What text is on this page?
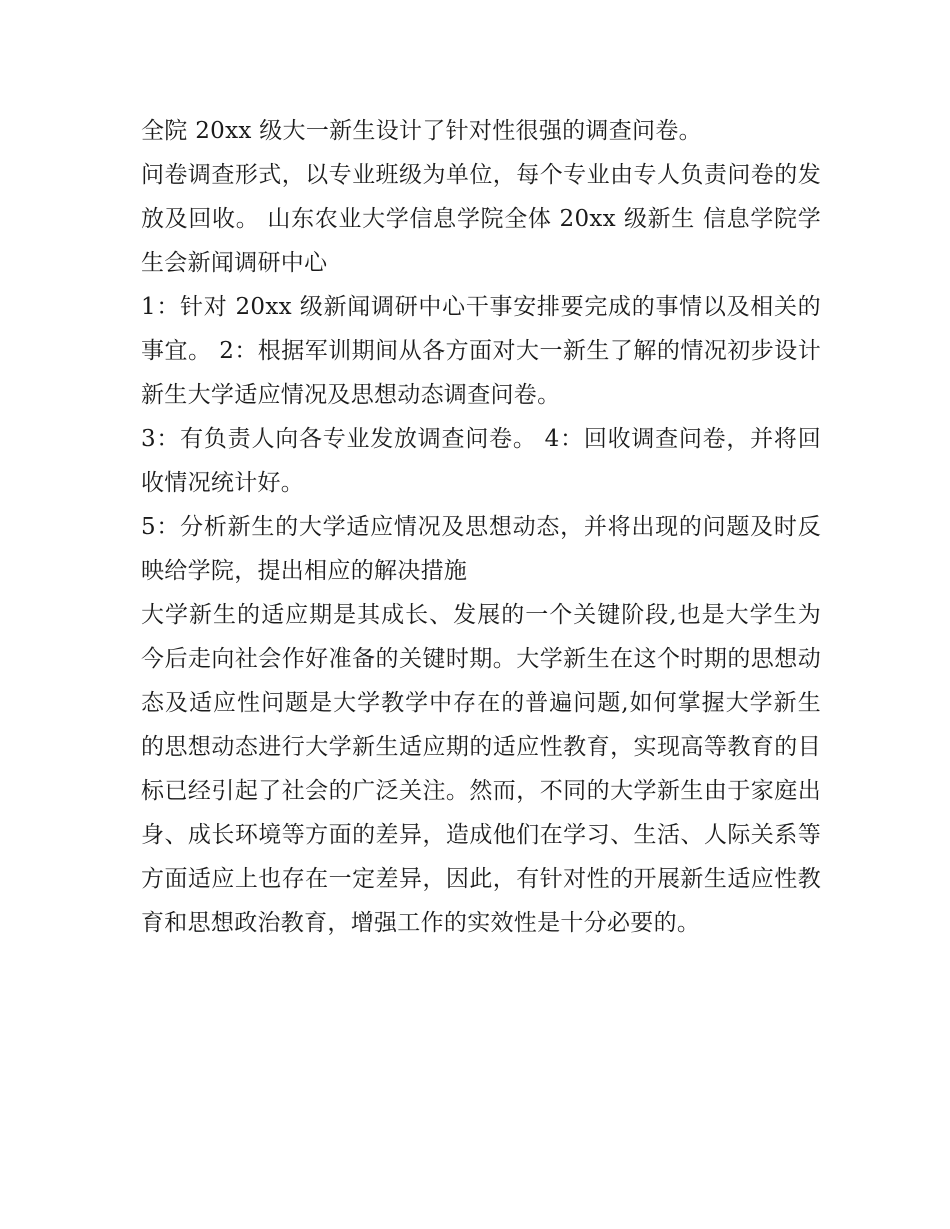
全院 20xx 级大一新生设计了针对性很强的调查问卷。

问卷调查形式，以专业班级为单位，每个专业由专人负责问卷的发放及回收。 山东农业大学信息学院全体 20xx 级新生 信息学院学生会新闻调研中心

1：针对 20xx 级新闻调研中心干事安排要完成的事情以及相关的事宜。 2：根据军训期间从各方面对大一新生了解的情况初步设计新生大学适应情况及思想动态调查问卷。

3：有负责人向各专业发放调查问卷。 4：回收调查问卷，并将回收情况统计好。

5：分析新生的大学适应情况及思想动态，并将出现的问题及时反映给学院，提出相应的解决措施

大学新生的适应期是其成长、发展的一个关键阶段,也是大学生为今后走向社会作好准备的关键时期。大学新生在这个时期的思想动态及适应性问题是大学教学中存在的普遍问题,如何掌握大学新生的思想动态进行大学新生适应期的适应性教育，实现高等教育的目标已经引起了社会的广泛关注。然而，不同的大学新生由于家庭出身、成长环境等方面的差异，造成他们在学习、生活、人际关系等方面适应上也存在一定差异，因此，有针对性的开展新生适应性教育和思想政治教育，增强工作的实效性是十分必要的。
